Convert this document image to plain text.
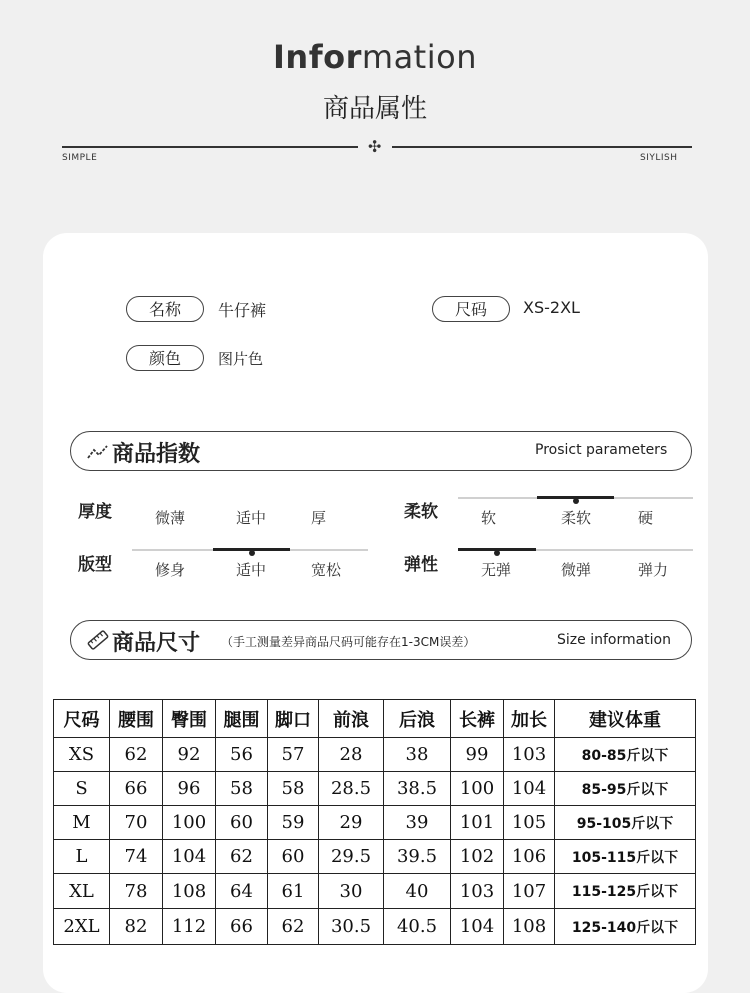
Information
商品属性
✣
SIMPLE	SIYLISH
名称	牛仔裤	尺码	XS-2XL
颜色	图片色
商品指数	Prosict parameters
厚度	微薄	适中	厚	柔软	软	柔软	硬
版型	修身	适中	宽松	弹性	无弹	微弹	弹力
商品尺寸 （手工测量差异商品尺码可能存在1-3CM误差）	Size information
尺码	腰围	臀围	腿围	脚口	前浪	后浪	长裤	加长	建议体重
XS	62	92	56	57	28	38	99	103	80-85斤以下
S	66	96	58	58	28.5	38.5	100	104	85-95斤以下
M	70	100	60	59	29	39	101	105	95-105斤以下
L	74	104	62	60	29.5	39.5	102	106	105-115斤以下
XL	78	108	64	61	30	40	103	107	115-125斤以下
2XL	82	112	66	62	30.5	40.5	104	108	125-140斤以下
